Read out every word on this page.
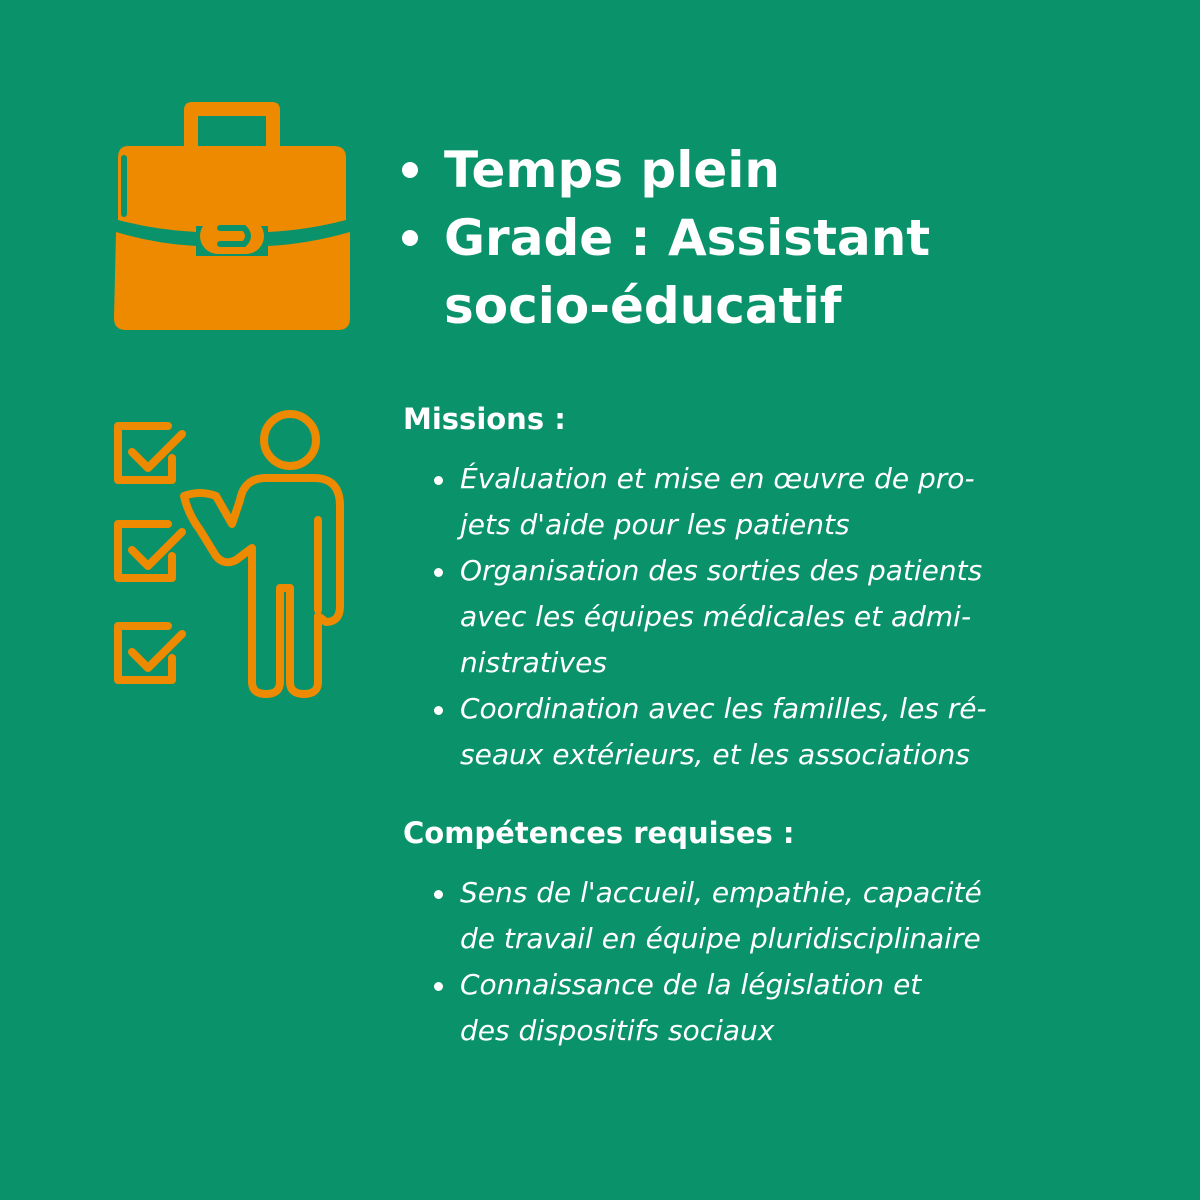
Temps plein
Grade : Assistant
socio-éducatif
Missions :
Évaluation et mise en œuvre de pro-
jets d'aide pour les patients
Organisation des sorties des patients
avec les équipes médicales et admi-
nistratives
Coordination avec les familles, les ré-
seaux extérieurs, et les associations
Compétences requises :
Sens de l'accueil, empathie, capacité
de travail en équipe pluridisciplinaire
Connaissance de la législation et
des dispositifs sociaux
